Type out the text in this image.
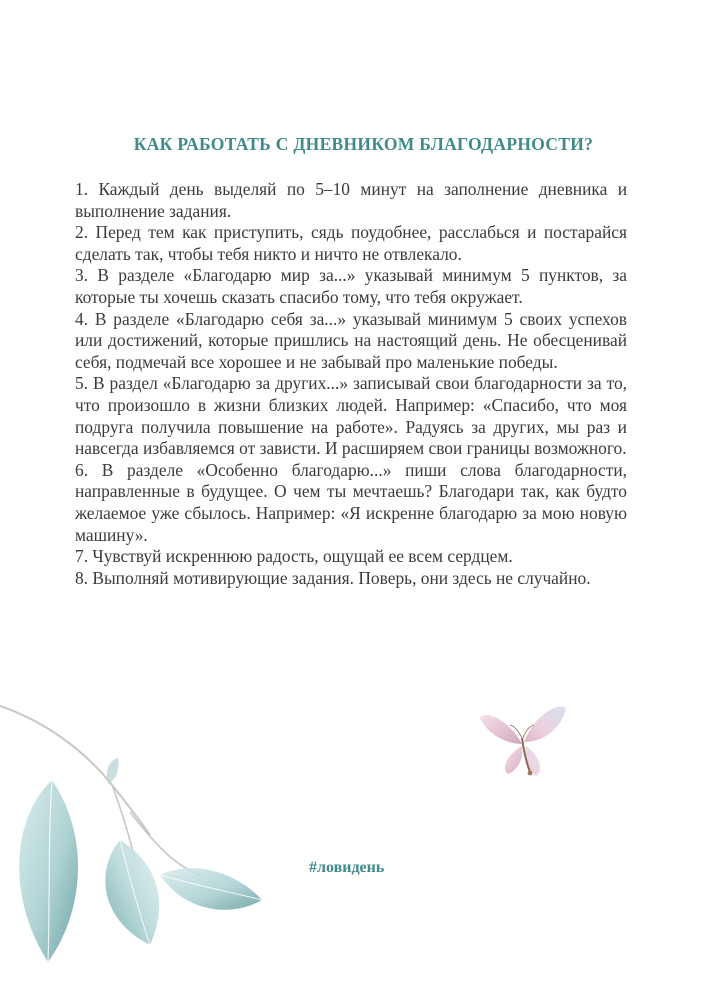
КАК РАБОТАТЬ С ДНЕВНИКОМ БЛАГОДАРНОСТИ?
1. Каждый день выделяй по 5–10 минут на заполнение дневника и выполнение задания.
2. Перед тем как приступить, сядь поудобнее, расслабься и постарайся сделать так, чтобы тебя никто и ничто не отвлекало.
3. В разделе «Благодарю мир за...» указывай минимум 5 пунктов, за которые ты хочешь сказать спасибо тому, что тебя окружает.
4. В разделе «Благодарю себя за...» указывай минимум 5 своих успехов или достижений, которые пришлись на настоящий день. Не обесценивай себя, подмечай все хорошее и не забывай про маленькие победы.
5. В раздел «Благодарю за других...» записывай свои благодарности за то, что произошло в жизни близких людей. Например: «Спасибо, что моя подруга получила повышение на работе». Радуясь за других, мы раз и навсегда избавляемся от зависти. И расширяем свои границы возможного.
6. В разделе «Особенно благодарю...» пиши слова благодарности, направленные в будущее. О чем ты мечтаешь? Благодари так, как будто желаемое уже сбылось. Например: «Я искренне благодарю за мою новую машину».
7. Чувствуй искреннюю радость, ощущай ее всем сердцем.
8. Выполняй мотивирующие задания. Поверь, они здесь не случайно.

#ловидень
